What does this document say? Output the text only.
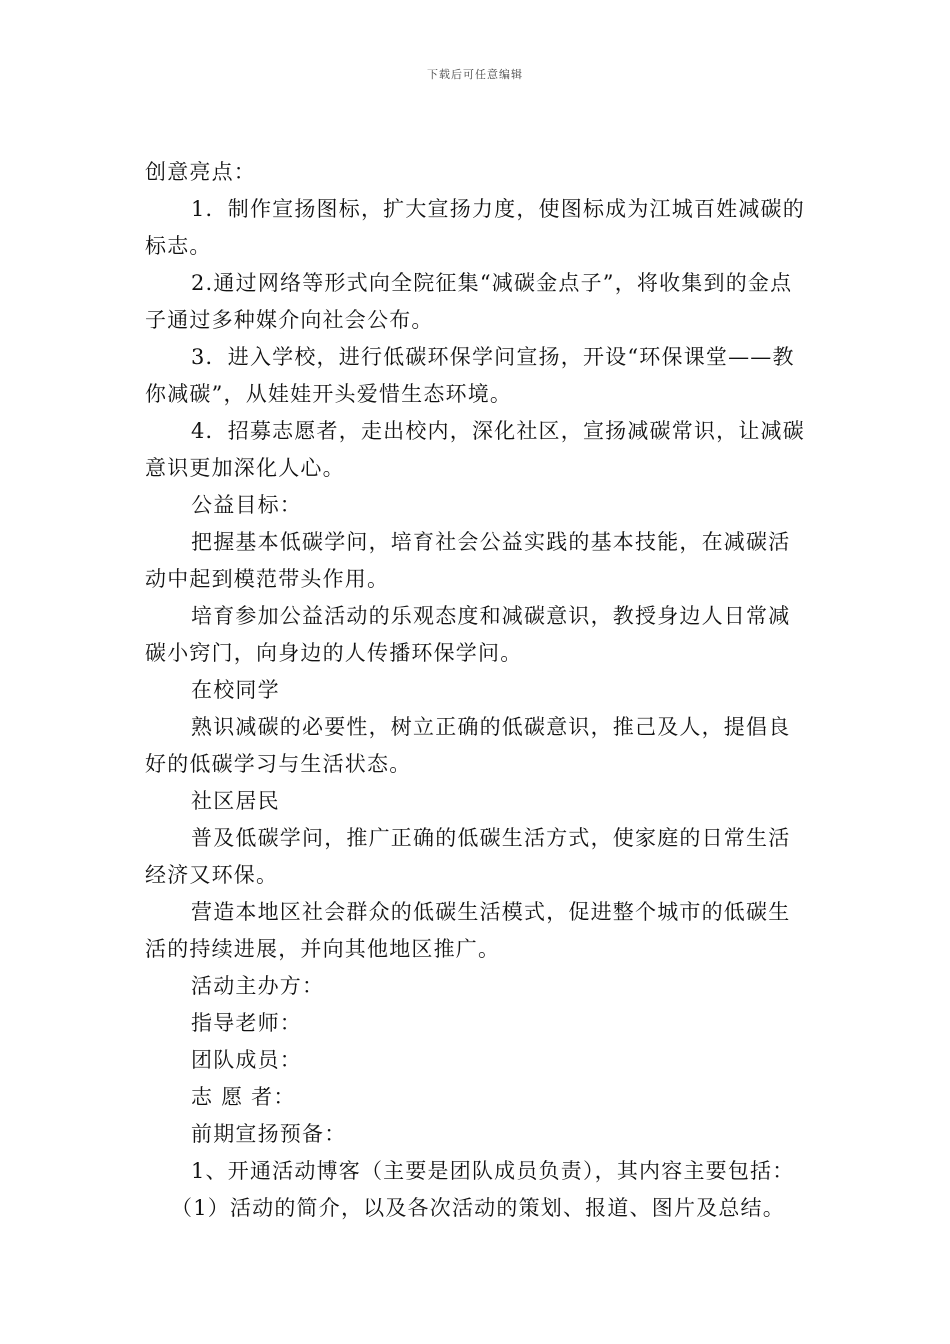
下载后可任意编辑

创意亮点：

1．制作宣扬图标，扩大宣扬力度，使图标成为江城百姓减碳的标志。

2.通过网络等形式向全院征集“减碳金点子”，将收集到的金点子通过多种媒介向社会公布。

3．进入学校，进行低碳环保学问宣扬，开设“环保课堂——教你减碳”，从娃娃开头爱惜生态环境。

4．招募志愿者，走出校内，深化社区，宣扬减碳常识，让减碳意识更加深化人心。

公益目标：

把握基本低碳学问，培育社会公益实践的基本技能，在减碳活动中起到模范带头作用。

培育参加公益活动的乐观态度和减碳意识，教授身边人日常减碳小窍门，向身边的人传播环保学问。

在校同学

熟识减碳的必要性，树立正确的低碳意识，推己及人，提倡良好的低碳学习与生活状态。

社区居民

普及低碳学问，推广正确的低碳生活方式，使家庭的日常生活经济又环保。

营造本地区社会群众的低碳生活模式，促进整个城市的低碳生活的持续进展，并向其他地区推广。

活动主办方：

指导老师：

团队成员：

志 愿 者：

前期宣扬预备：

1、开通活动博客（主要是团队成员负责），其内容主要包括：

（1）活动的简介，以及各次活动的策划、报道、图片及总结。
